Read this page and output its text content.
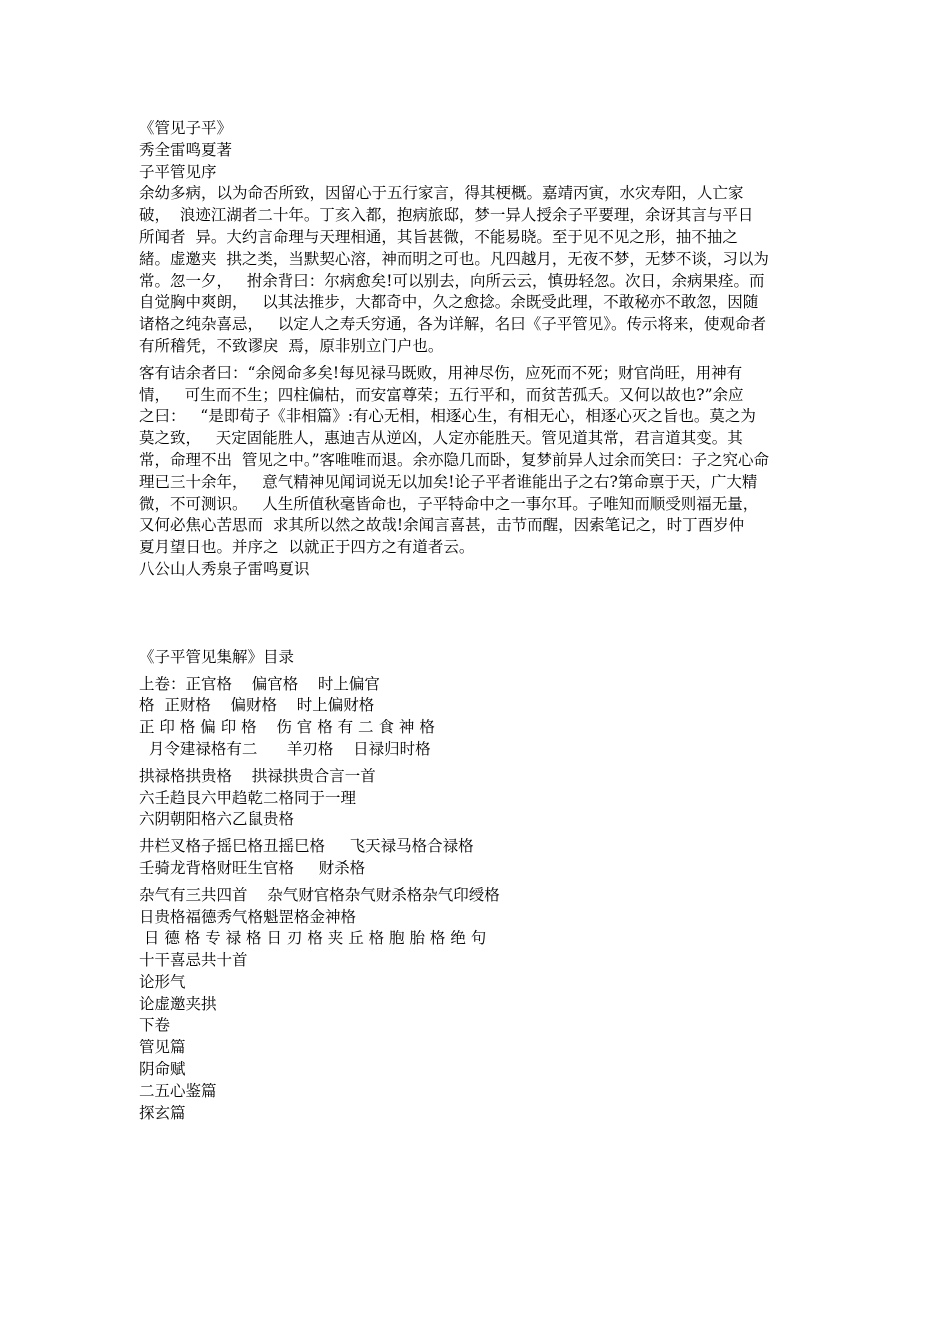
《管见子平》
秀全雷鸣夏著
子平管见序
余幼多病，以为命否所致，因留心于五行家言，得其梗概。嘉靖丙寅，水灾寿阳，人亡家
破，  浪迹江湖者二十年。丁亥入都，抱病旅邸，梦一异人授余子平要理，余讶其言与平日
所闻者  异。大约言命理与天理相通，其旨甚微，不能易晓。至于见不见之形，抽不抽之
緒。虚邀夹  拱之类，当默契心溶，神而明之可也。凡四越月，无夜不梦，无梦不谈，习以为
常。忽一夕，   拊余背曰：尔病愈矣!可以别去，向所云云，慎毋轻忽。次日，余病果痊。而
自觉胸中爽朗，   以其法推步，大都奇中，久之愈捻。余既受此理，不敢秘亦不敢忽，因随
诸格之纯杂喜忌，   以定人之寿夭穷通，各为详解，名曰《子平管见》。传示将来，使观命者
有所稽凭，不致谬戾  焉，原非别立门户也。
客有诘余者曰：“余阅命多矣!每见禄马既败，用神尽伤，应死而不死；财官尚旺，用神有
情，   可生而不生；四柱偏枯，而安富尊荣；五行平和，而贫苦孤夭。又何以故也?”余应
之曰：   “是即荀子《非相篇》:有心无相，相逐心生，有相无心，相逐心灭之旨也。莫之为
莫之致，   天定固能胜人，惠迪吉从逆凶，人定亦能胜天。管见道其常，君言道其变。其
常，命理不出  管见之中。”客唯唯而退。余亦隐几而卧，复梦前异人过余而笑曰：子之究心命
理已三十余年，   意气精神见闻词说无以加矣!论子平者谁能出子之右?第命禀于天，广大精
微，不可测识。   人生所值秋毫皆命也，子平特命中之一事尔耳。子唯知而顺受则福无量，
又何必焦心苦思而  求其所以然之故哉!余闻言喜甚，击节而醒，因索笔记之，时丁酉岁仲
夏月望日也。并序之  以就正于四方之有道者云。
八公山人秀泉子雷鸣夏识
《子平管见集解》目录
上卷：正官格    偏官格    时上偏官
格  正财格    偏财格    时上偏财格
正 印 格 偏 印 格    伤 官 格 有 二 食 神 格
月令建禄格有二      羊刃格    日禄归时格
拱禄格拱贵格    拱禄拱贵合言一首
六壬趋艮六甲趋乾二格同于一理
六阴朝阳格六乙鼠贵格
井栏叉格子摇巳格丑摇巳格     飞天禄马格合禄格
壬骑龙背格财旺生官格     财杀格
杂气有三共四首    杂气财官格杂气财杀格杂气印绶格
日贵格福德秀气格魁罡格金神格
日 德 格 专 禄 格 日 刃 格 夹 丘 格 胞 胎 格 绝 句
十干喜忌共十首
论形气
论虚邀夹拱
下卷
管见篇
阴命赋
二五心鉴篇
探玄篇
